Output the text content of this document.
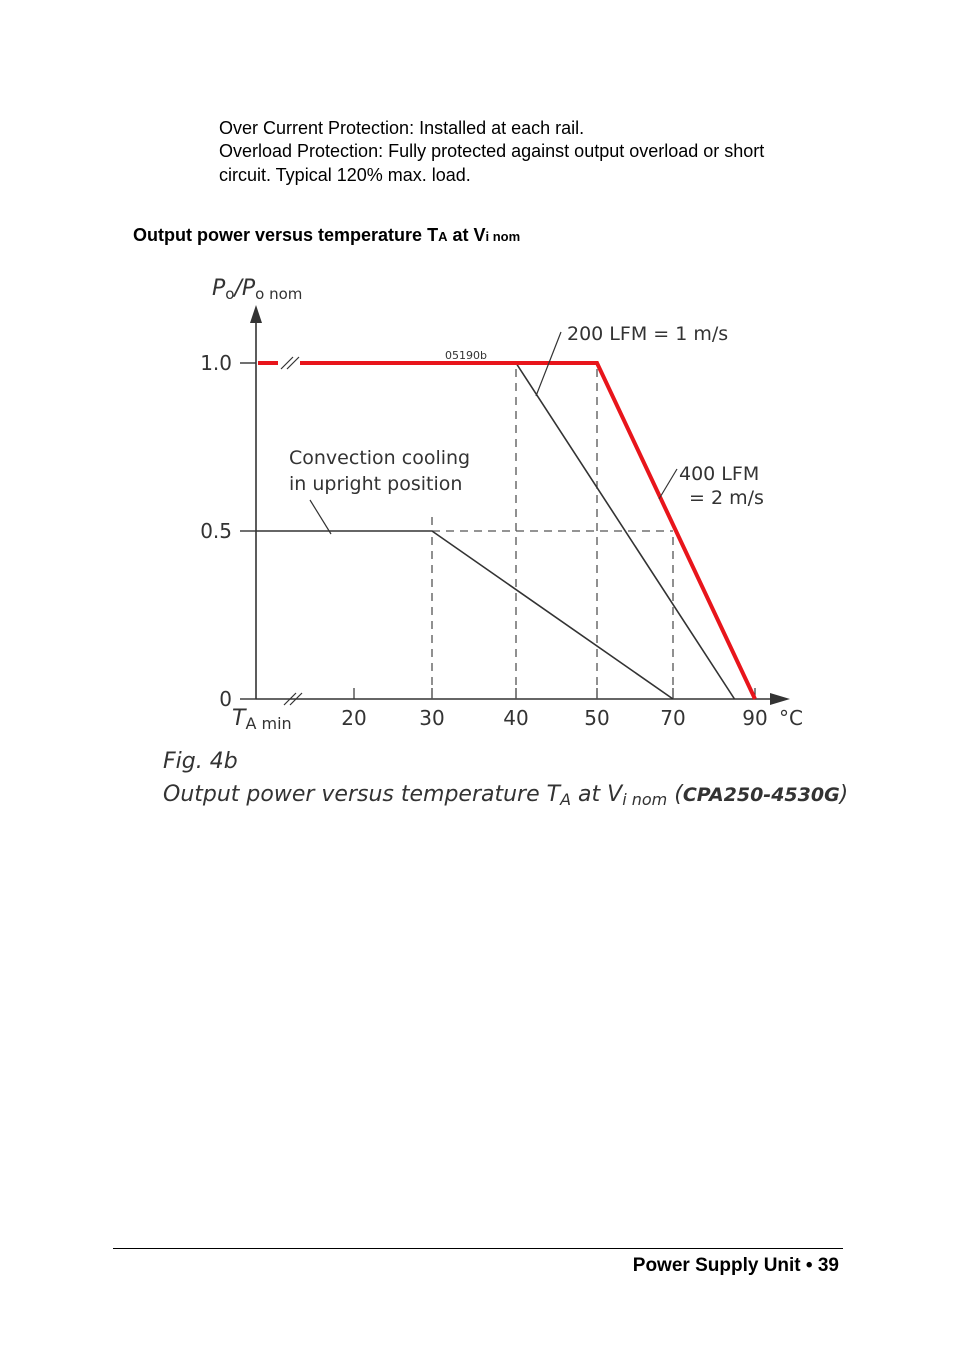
Over Current Protection: Installed at each rail.
Overload Protection: Fully protected against output overload or short circuit. Typical 120% max. load.
Output power versus temperature TA at Vi nom
Po/Po nom
0
0.5
1.0
20	30	40	50	70	90
TA min	°C
05190b
Convection cooling
in upright position
200 LFM = 1 m/s
400 LFM
= 2 m/s
Fig. 4b
Output power versus temperature TA at Vi nom (CPA250-4530G)
Power Supply Unit • 39
